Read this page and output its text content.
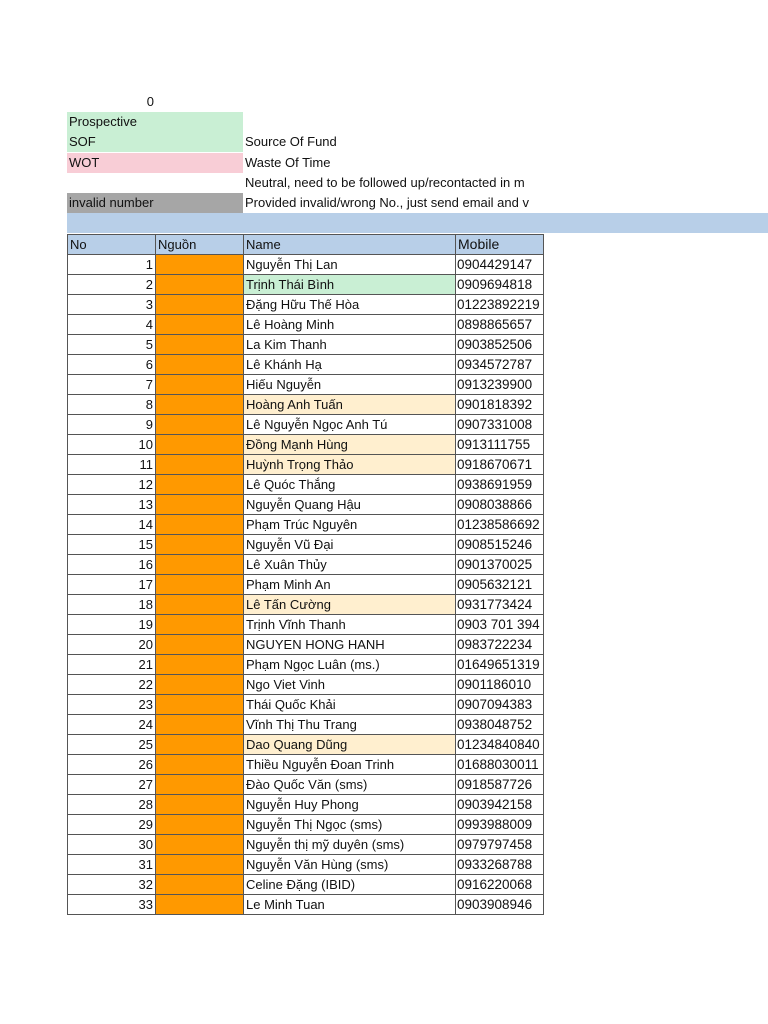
0
Prospective
SOF	Source Of Fund
WOT	Waste Of Time
Neutral, need to be followed up/recontacted in m
invalid number	Provided invalid/wrong No., just send email and v
No	Nguồn	Name	Mobile
1		Nguyễn Thị Lan	0904429147
2		Trịnh Thái Bình	0909694818
3		Đặng Hữu Thế Hòa	01223892219
4		Lê Hoàng Minh	0898865657
5		La Kim Thanh	0903852506
6		Lê Khánh Hạ	0934572787
7		Hiếu Nguyễn	0913239900
8		Hoàng Anh Tuấn	0901818392
9		Lê Nguyễn Ngọc Anh Tú	0907331008
10		Đồng Mạnh Hùng	0913111755
11		Huỳnh Trọng Thảo	0918670671
12		Lê Quóc Thắng	0938691959
13		Nguyễn Quang Hậu	0908038866
14		Phạm Trúc Nguyên	01238586692
15		Nguyễn Vũ Đại	0908515246
16		Lê Xuân Thủy	0901370025
17		Phạm Minh An	0905632121
18		Lê Tấn Cường	0931773424
19		Trịnh Vĩnh Thanh	0903 701 394
20		NGUYEN HONG HANH	0983722234
21		Phạm Ngọc Luân (ms.)	01649651319
22		Ngo Viet Vinh	0901186010
23		Thái Quốc Khải	0907094383
24		Vĩnh Thị Thu Trang	0938048752
25		Dao Quang Dũng	01234840840
26		Thiều Nguyễn Đoan Trinh	01688030011
27		Đào Quốc Văn (sms)	0918587726
28		Nguyễn Huy Phong	0903942158
29		Nguyễn Thị Ngọc (sms)	0993988009
30		Nguyễn thị mỹ duyên (sms)	0979797458
31		Nguyễn Văn Hùng (sms)	0933268788
32		Celine Đặng (IBID)	0916220068
33		Le Minh Tuan	0903908946
